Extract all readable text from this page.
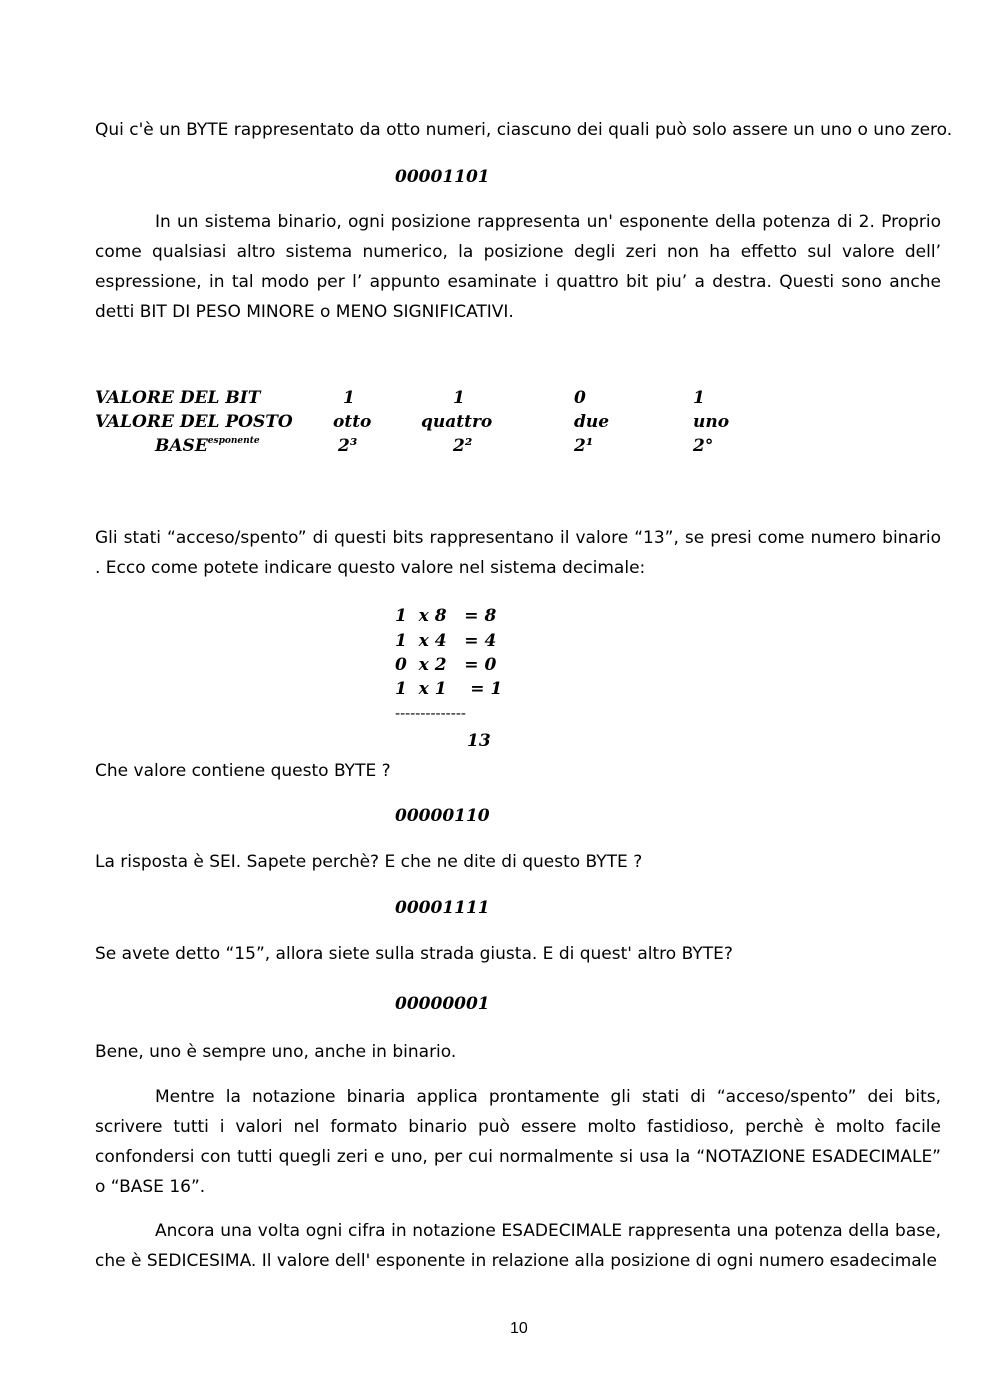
Qui c'è un BYTE rappresentato da otto numeri, ciascuno dei quali può solo assere un uno o uno zero.
00001101
In un sistema binario, ogni posizione rappresenta un' esponente della potenza di 2. Proprio come qualsiasi altro sistema numerico, la posizione degli zeri non ha effetto sul valore dell’ espressione, in tal modo per l’ appunto esaminate i quattro bit piu’ a destra. Questi sono anche detti BIT DI PESO MINORE o MENO SIGNIFICATIVI.
VALORE DEL BIT	1	1	0	1
VALORE DEL POSTO otto	quattro	due	uno
$BASE^{esponente}$	2³	2²	2¹	2°
Gli stati “acceso/spento” di questi bits rappresentano il valore “13”, se presi come numero binario . Ecco come potete indicare questo valore nel sistema decimale:
1  x 8   = 8
1  x 4   = 4
0  x 2   = 0
1  x 1    = 1
--------------
13
Che valore contiene questo BYTE ?
00000110
La risposta è SEI. Sapete perchè? E che ne dite di questo BYTE ?
00001111
Se avete detto “15”, allora siete sulla strada giusta. E di quest' altro BYTE?
00000001
Bene, uno è sempre uno, anche in binario.
Mentre la notazione binaria applica prontamente gli stati di “acceso/spento” dei bits, scrivere tutti i valori nel formato binario può essere molto fastidioso, perchè è molto facile confondersi con tutti quegli zeri e uno, per cui normalmente si usa la “NOTAZIONE ESADECIMALE” o “BASE 16”.
Ancora una volta ogni cifra in notazione ESADECIMALE rappresenta una potenza della base, che è SEDICESIMA. Il valore dell' esponente in relazione alla posizione di ogni numero esadecimale
10
